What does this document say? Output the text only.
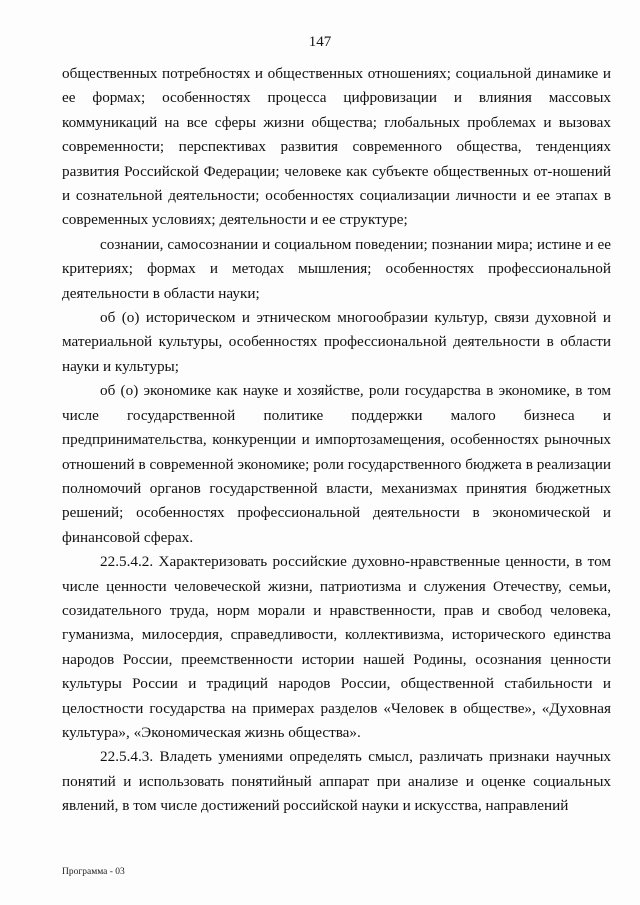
147

общественных потребностях и общественных отношениях; социальной динамике и ее формах; особенностях процесса цифровизации и влияния массовых коммуникаций на все сферы жизни общества; глобальных проблемах и вызовах современности; перспективах развития современного общества, тенденциях развития Российской Федерации; человеке как субъекте общественных от-ношений и сознательной деятельности; особенностях социализации личности и ее этапах в современных условиях; деятельности и ее структуре;

сознании, самосознании и социальном поведении; познании мира; истине и ее критериях; формах и методах мышления; особенностях профессиональной деятельности в области науки;

об (о) историческом и этническом многообразии культур, связи духовной и материальной культуры, особенностях профессиональной деятельности в области науки и культуры;

об (о) экономике как науке и хозяйстве, роли государства в экономике, в том числе государственной политике поддержки малого бизнеса и предпринимательства, конкуренции и импортозамещения, особенностях рыночных отношений в современной экономике; роли государственного бюджета в реализации полномочий органов государственной власти, механизмах принятия бюджетных решений; особенностях профессиональной деятельности в экономической и финансовой сферах.

22.5.4.2. Характеризовать российские духовно-нравственные ценности, в том числе ценности человеческой жизни, патриотизма и служения Отечеству, семьи, созидательного труда, норм морали и нравственности, прав и свобод человека, гуманизма, милосердия, справедливости, коллективизма, исторического единства народов России, преемственности истории нашей Родины, осознания ценности культуры России и традиций народов России, общественной стабильности и целостности государства на примерах разделов «Человек в обществе», «Духовная культура», «Экономическая жизнь общества».

22.5.4.3. Владеть умениями определять смысл, различать признаки научных понятий и использовать понятийный аппарат при анализе и оценке социальных явлений, в том числе достижений российской науки и искусства, направлений

Программа - 03
